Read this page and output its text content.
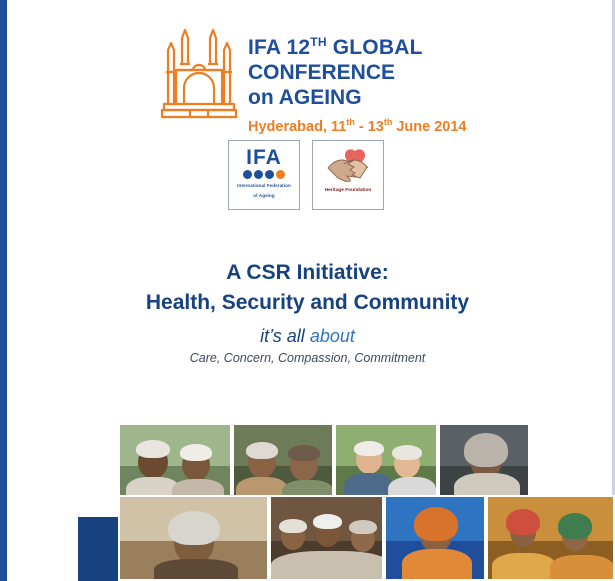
IFA 12TH GLOBAL
CONFERENCE
on AGEING
Hyderabad, 11th - 13th June 2014
IFA
International Federation
of Ageing
Heritage Foundation
A CSR Initiative:
Health, Security and Community
it’s all about
Care, Concern, Compassion, Commitment
